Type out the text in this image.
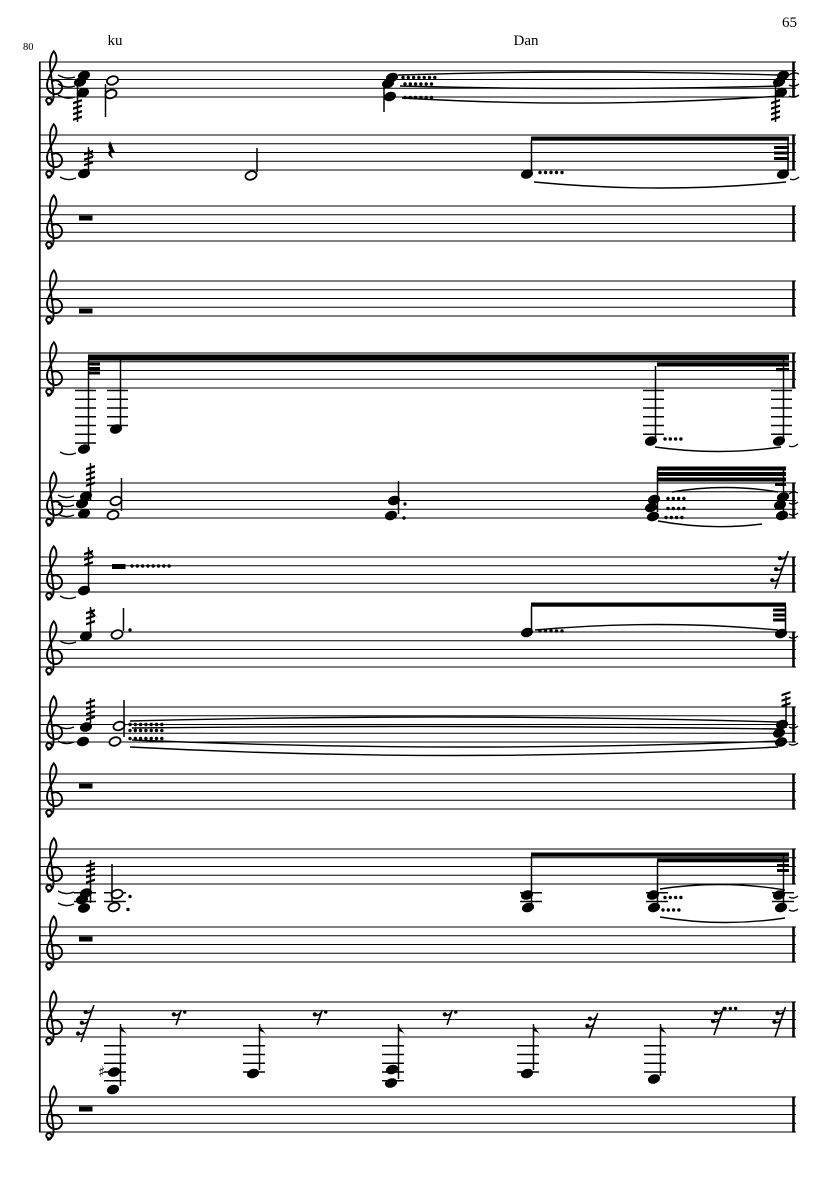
♯
65
80	ku	Dan
